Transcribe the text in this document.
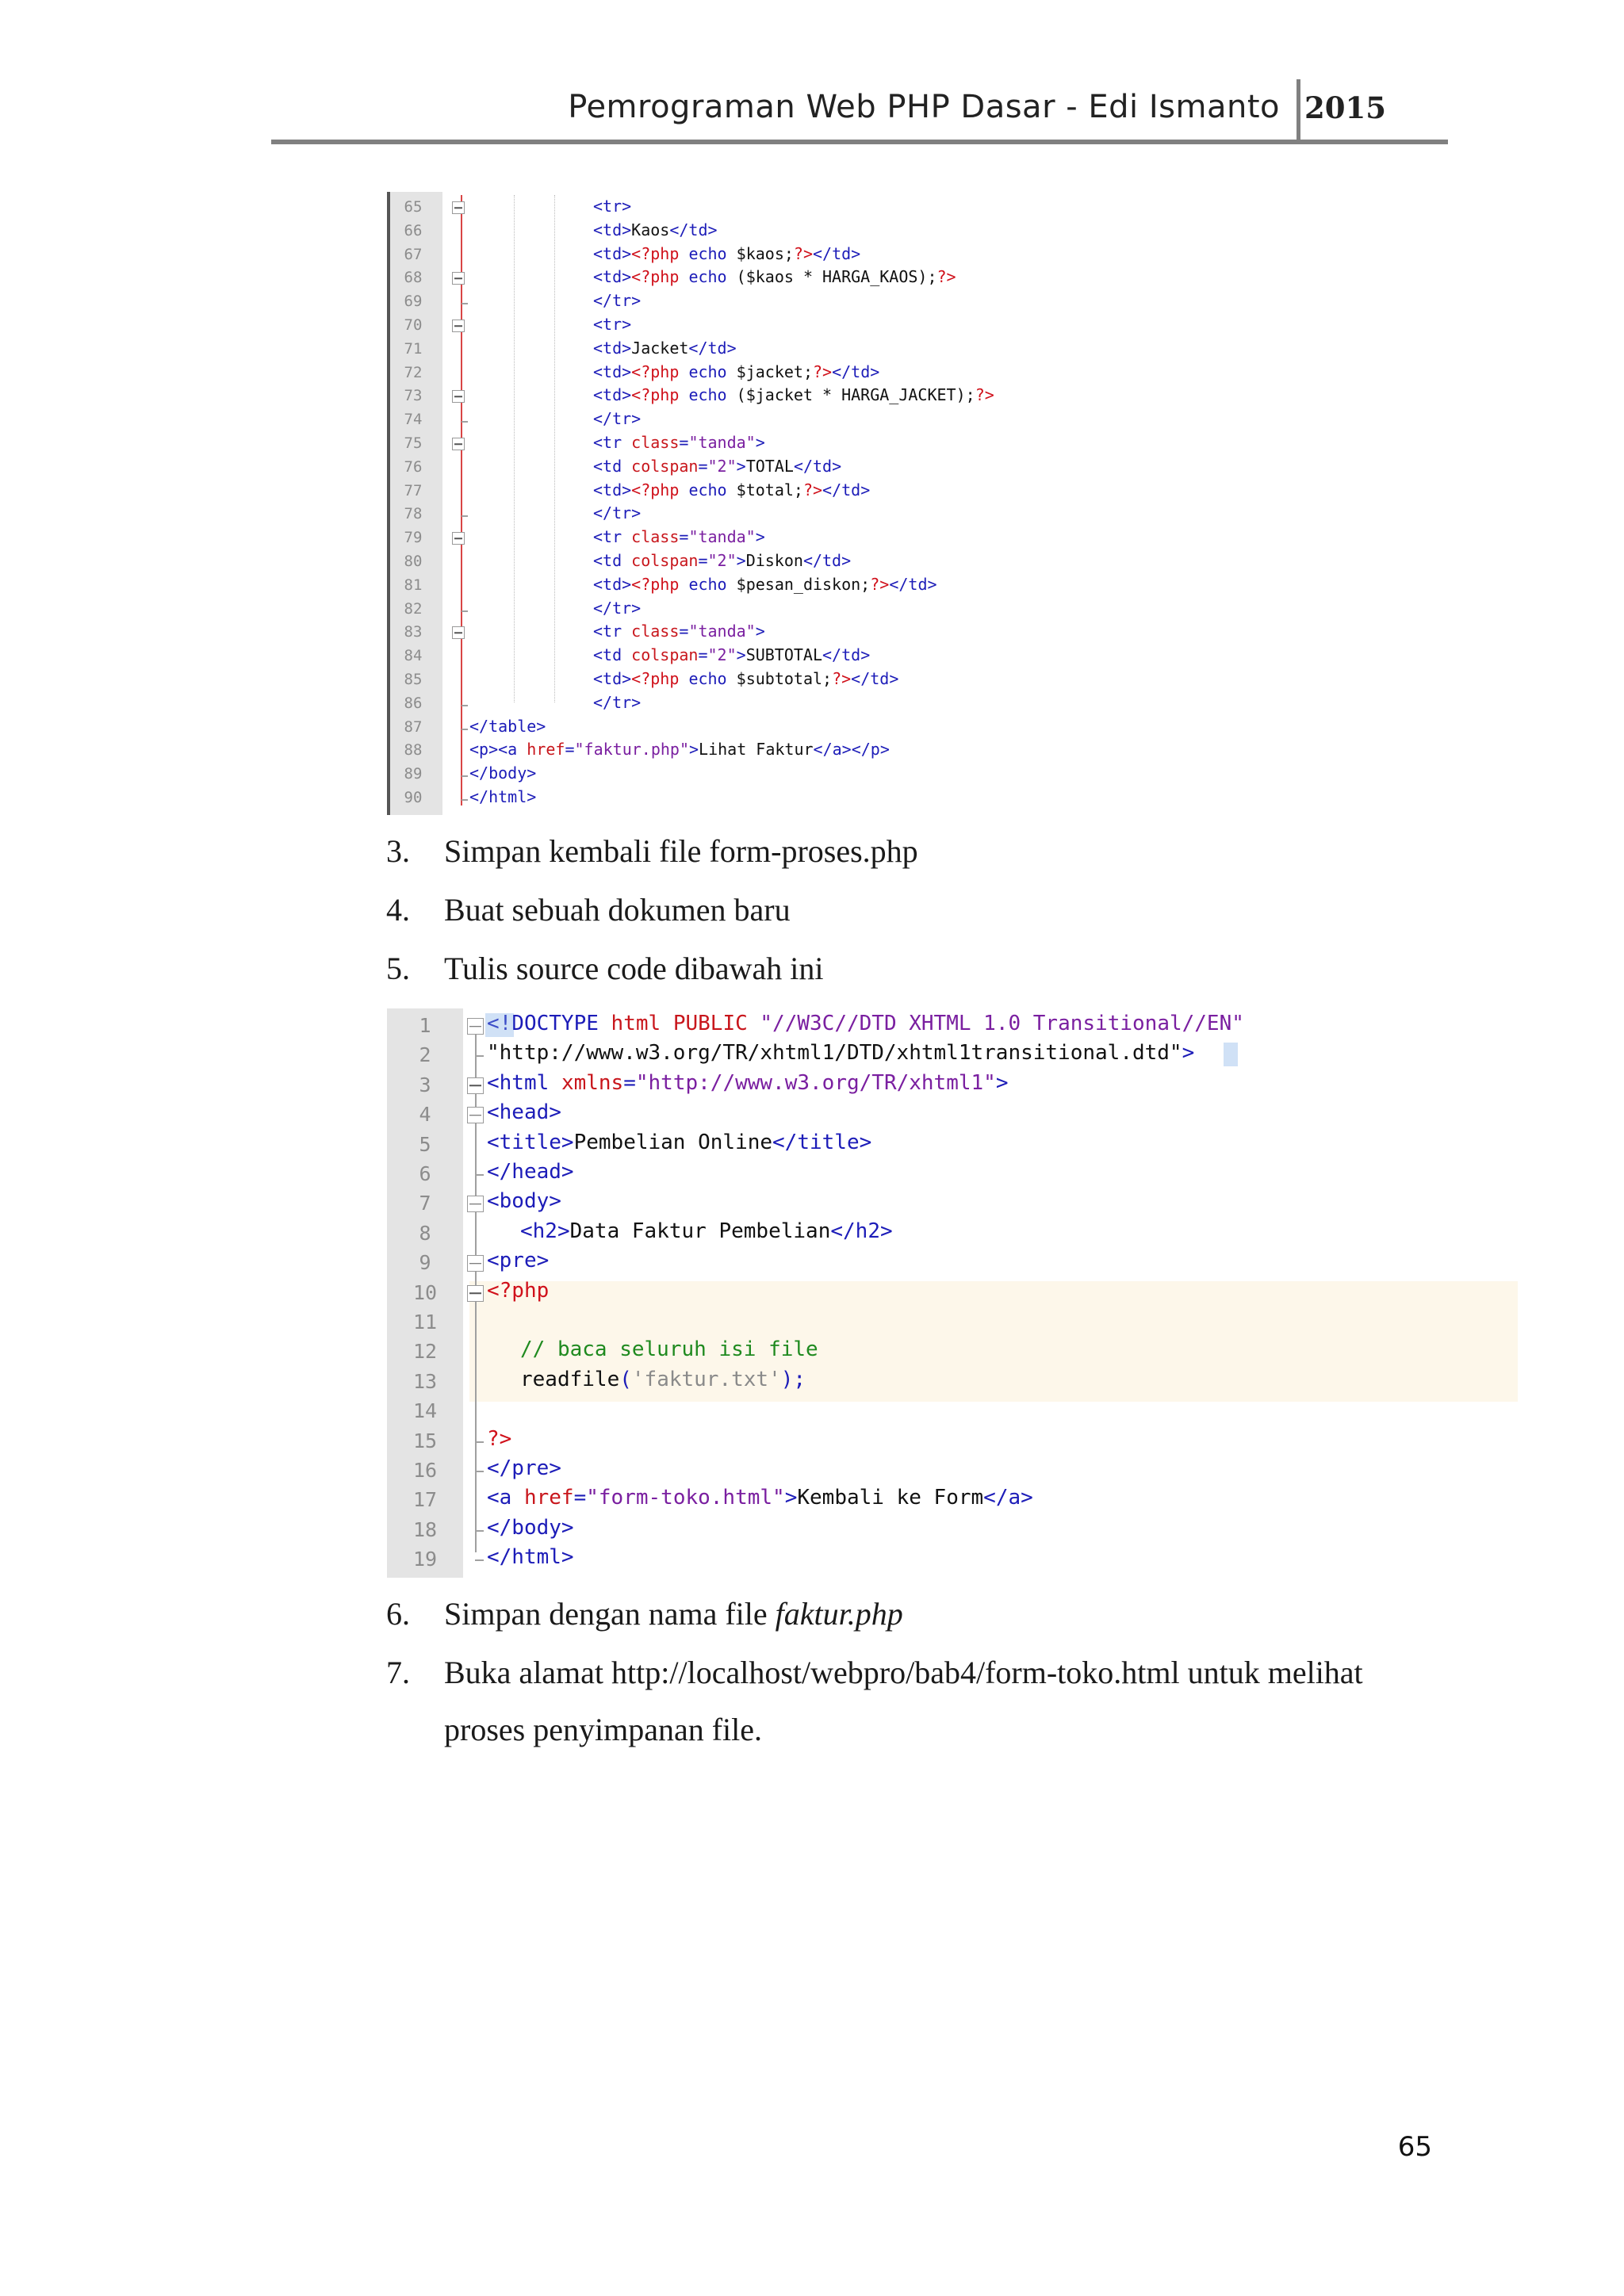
Pemrograman Web PHP Dasar - Edi Ismanto 2015
65	<tr>
66	<td>Kaos</td>
67	<td><?php echo $kaos;?></td>
68	<td><?php echo ($kaos * HARGA_KAOS);?>
69	</tr>
70	<tr>
71	<td>Jacket</td>
72	<td><?php echo $jacket;?></td>
73	<td><?php echo ($jacket * HARGA_JACKET);?>
74	</tr>
75	<tr class="tanda">
76	<td colspan="2">TOTAL</td>
77	<td><?php echo $total;?></td>
78	</tr>
79	<tr class="tanda">
80	<td colspan="2">Diskon</td>
81	<td><?php echo $pesan_diskon;?></td>
82	</tr>
83	<tr class="tanda">
84	<td colspan="2">SUBTOTAL</td>
85	<td><?php echo $subtotal;?></td>
86	</tr>
87	</table>
88	<p><a href="faktur.php">Lihat Faktur</a></p>
89	</body>
90	</html>
3. Simpan kembali file form-proses.php
4. Buat sebuah dokumen baru
5. Tulis source code dibawah ini
1	<!DOCTYPE html PUBLIC "//W3C//DTD XHTML 1.0 Transitional//EN"
2	"http://www.w3.org/TR/xhtml1/DTD/xhtml1transitional.dtd">
3	<html xmlns="http://www.w3.org/TR/xhtml1">
4	<head>
5	<title>Pembelian Online</title>
6	</head>
7	<body>
8	<h2>Data Faktur Pembelian</h2>
9	<pre>
10	<?php
11
12	// baca seluruh isi file
13	readfile('faktur.txt');
14
15	?>
16	</pre>
17	<a href="form-toko.html">Kembali ke Form</a>
18	</body>
19	</html>
6. Simpan dengan nama file faktur.php
7. Buka alamat http://localhost/webpro/bab4/form-toko.html untuk melihat
proses penyimpanan file.
65
